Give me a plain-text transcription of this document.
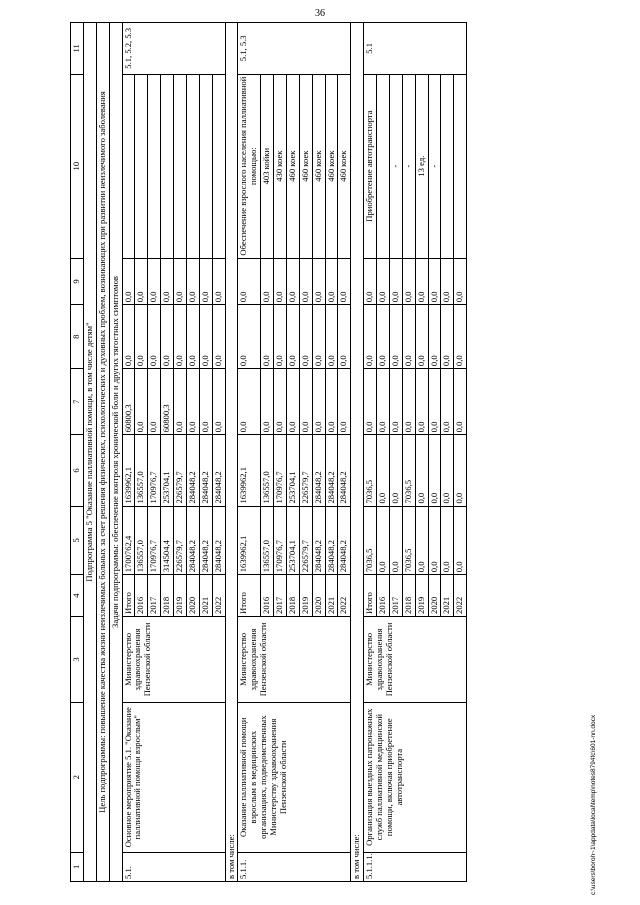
36
1	2	3	4	5	6	7	8	9	10	11
Подпрограмма 5 "Оказание паллиативной помощи, в том числе детям"										
Цель подпрограммы: повышение качества жизни неизлечимых больных за счет решения физических, психологических и духовных проблем, возникающих при развитии неизлечимого заболевания										
Задачи подпрограммы: обеспечение контроля хронической боли и других тягостных симптомов										
5.1.	Основное мероприятие 5.1. "Оказание паллиативной помощи взрослым"	Министерство здравоохранения Пензенской области	Итого	1700762,4	1639962,1	60800,3	0,0	0,0		5.1, 5.2, 5.3
			2016	136557,0	136557,0	0,0	0,0	0,0		
			2017	170976,7	170976,7	0,0	0,0	0,0		
			2018	314504,4	253704,1	60800,3	0,0	0,0		
			2019	226579,7	226579,7	0,0	0,0	0,0		
			2020	284048,2	284048,2	0,0	0,0	0,0		
			2021	284048,2	284048,2	0,0	0,0	0,0		
			2022	284048,2	284048,2	0,0	0,0	0,0		
в том числе:										
5.1.1.	Оказание паллиативной помощи взрослым в медицинских организациях, подведомственных Министерству здравоохранения Пензенской области	Министерство здравоохранения Пензенской области	Итого	1639962,1	1639962,1	0,0	0,0	0,0	Обеспечение взрослого населения паллиативной помощью:	5.1, 5.3
			2016	136557,0	136557,0	0,0	0,0	0,0	403 койки	
			2017	170976,7	170976,7	0,0	0,0	0,0	430 коек	
			2018	253704,1	253704,1	0,0	0,0	0,0	460 коек	
			2019	226579,7	226579,7	0,0	0,0	0,0	460 коек	
			2020	284048,2	284048,2	0,0	0,0	0,0	460 коек	
			2021	284048,2	284048,2	0,0	0,0	0,0	460 коек	
			2022	284048,2	284048,2	0,0	0,0	0,0	460 коек	
в том числе:										
5.1.1.1.	Организация выездных патронажных служб паллиативной медицинской помощи, включая приобретение автотранспорта	Министерство здравоохранения Пензенской области	Итого	7036,5	7036,5	0,0	0,0	0,0	Приобретение автотранспорта	5.1
			2016	0,0	0,0	0,0	0,0	0,0		
			2017	0,0	0,0	0,0	0,0	0,0	-	
			2018	7036,5	7036,5	0,0	0,0	0,0	-	
			2019	0,0	0,0	0,0	0,0	0,0	13 ед.	
			2020	0,0	0,0	0,0	0,0	0,0	-	
			2021	0,0	0,0	0,0	0,0	0,0		
			2022	0,0	0,0	0,0	0,0	0,0		
c:\users\boroh~1\appdata\local\temp\notes8794fc\601-nn.docx
